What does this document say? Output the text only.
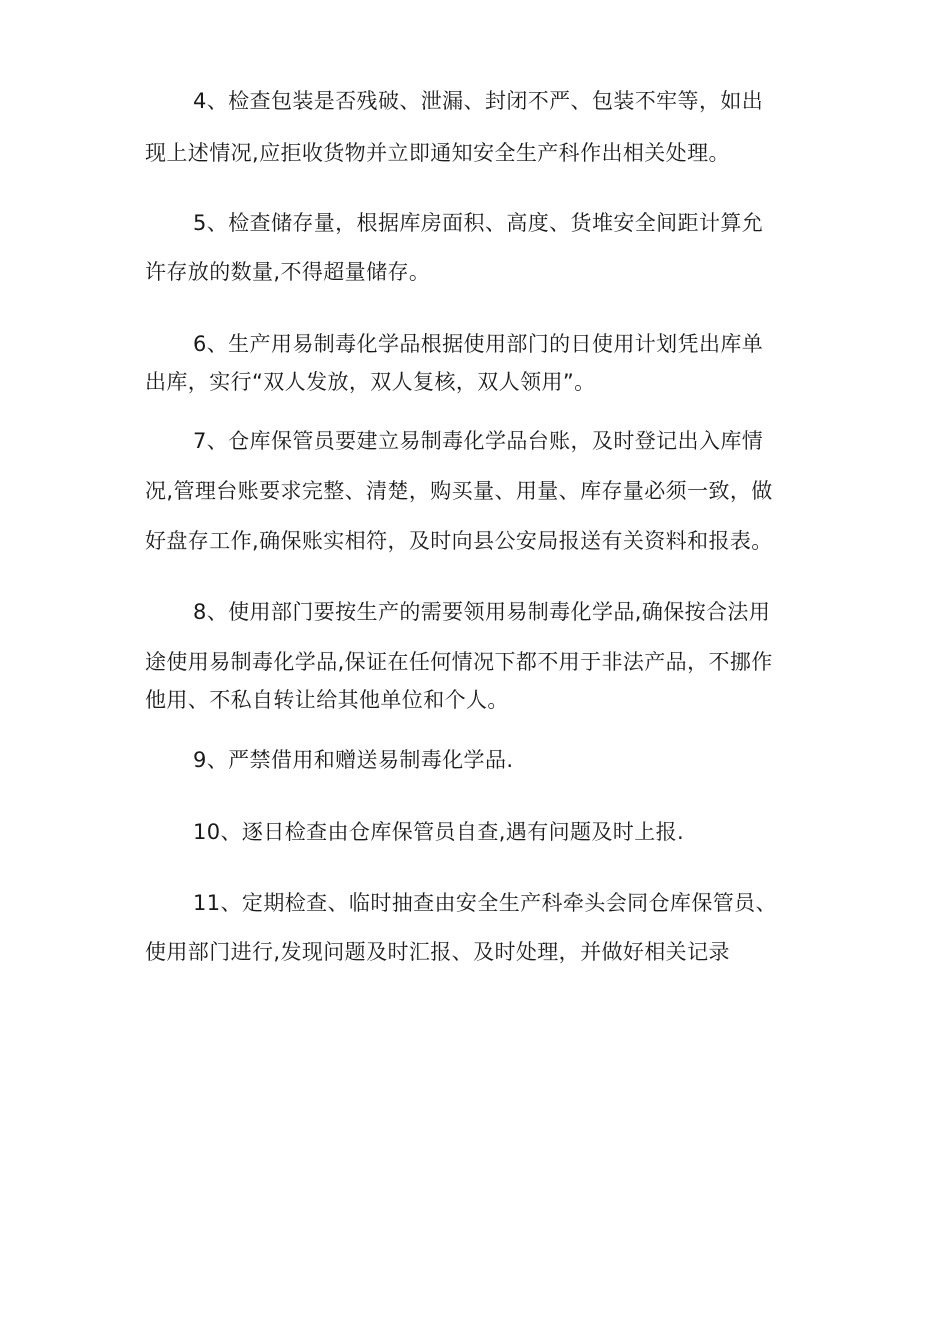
4、检查包装是否残破、泄漏、封闭不严、包装不牢等，如出
现上述情况,应拒收货物并立即通知安全生产科作出相关处理。
5、检查储存量，根据库房面积、高度、货堆安全间距计算允
许存放的数量,不得超量储存。
6、生产用易制毒化学品根据使用部门的日使用计划凭出库单
出库，实行“双人发放，双人复核，双人领用”。
7、仓库保管员要建立易制毒化学品台账，及时登记出入库情
况,管理台账要求完整、清楚，购买量、用量、库存量必须一致，做
好盘存工作,确保账实相符，及时向县公安局报送有关资料和报表。
8、使用部门要按生产的需要领用易制毒化学品,确保按合法用
途使用易制毒化学品,保证在任何情况下都不用于非法产品，不挪作
他用、不私自转让给其他单位和个人。
9、严禁借用和赠送易制毒化学品.
10、逐日检查由仓库保管员自查,遇有问题及时上报.
11、定期检查、临时抽查由安全生产科牵头会同仓库保管员、
使用部门进行,发现问题及时汇报、及时处理，并做好相关记录
